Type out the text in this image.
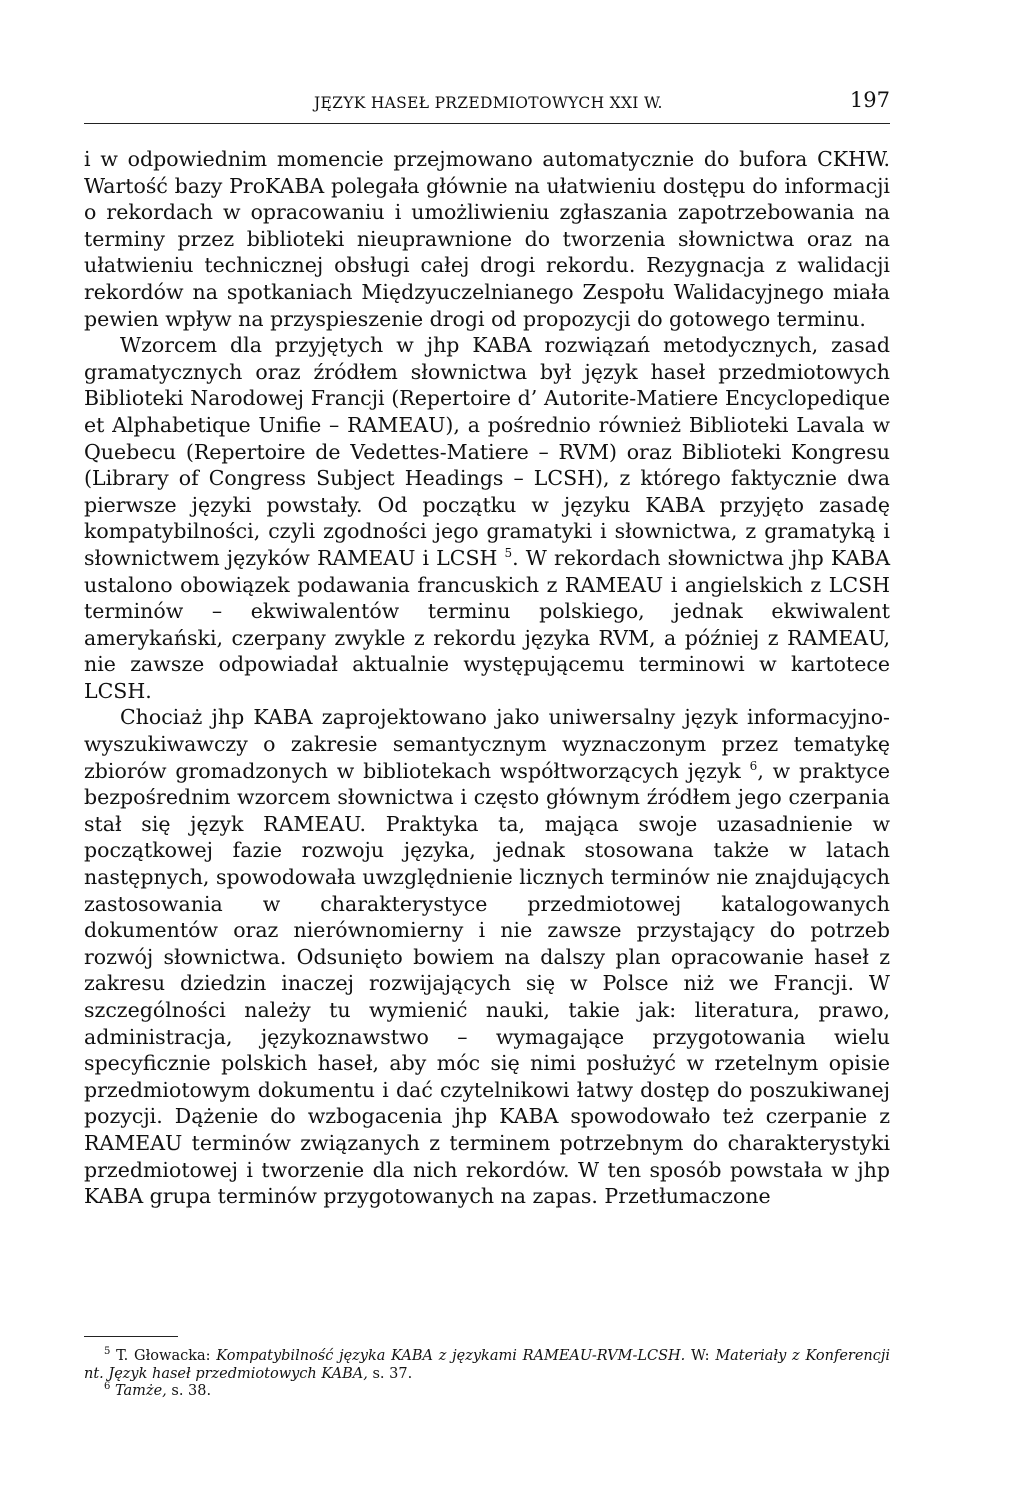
JĘZYK HASEŁ PRZEDMIOTOWYCH XXI W.	197

i w odpowiednim momencie przejmowano automatycznie do bufora CKHW. Wartość bazy ProKABA polegała głównie na ułatwieniu dostępu do informacji o rekordach w opracowaniu i umożliwieniu zgłaszania zapotrzebowania na terminy przez biblioteki nieuprawnione do tworzenia słownictwa oraz na ułatwieniu technicznej obsługi całej drogi rekordu. Rezygnacja z walidacji rekordów na spotkaniach Międzyuczelnianego Zespołu Walidacyjnego miała pewien wpływ na przyspieszenie drogi od propozycji do gotowego terminu.

Wzorcem dla przyjętych w jhp KABA rozwiązań metodycznych, zasad gramatycznych oraz źródłem słownictwa był język haseł przedmiotowych Biblioteki Narodowej Francji (Repertoire d’ Autorite-Matiere Encyclopedique et Alphabetique Unifie – RAMEAU), a pośrednio również Biblioteki Lavala w Quebecu (Repertoire de Vedettes-Matiere – RVM) oraz Biblioteki Kongresu (Library of Congress Subject Headings – LCSH), z którego faktycznie dwa pierwsze języki powstały. Od początku w języku KABA przyjęto zasadę kompatybilności, czyli zgodności jego gramatyki i słownictwa, z gramatyką i słownictwem języków RAMEAU i LCSH $^5$. W rekordach słownictwa jhp KABA ustalono obowiązek podawania francuskich z RAMEAU i angielskich z LCSH terminów – ekwiwalentów terminu polskiego, jednak ekwiwalent amerykański, czerpany zwykle z rekordu języka RVM, a później z RAMEAU, nie zawsze odpowiadał aktualnie występującemu terminowi w kartotece LCSH.

Chociaż jhp KABA zaprojektowano jako uniwersalny język informacyjno-wyszukiwawczy o zakresie semantycznym wyznaczonym przez tematykę zbiorów gromadzonych w bibliotekach współtworzących język $^6$, w praktyce bezpośrednim wzorcem słownictwa i często głównym źródłem jego czerpania stał się język RAMEAU. Praktyka ta, mająca swoje uzasadnienie w początkowej fazie rozwoju języka, jednak stosowana także w latach następnych, spowodowała uwzględnienie licznych terminów nie znajdujących zastosowania w charakterystyce przedmiotowej katalogowanych dokumentów oraz nierównomierny i nie zawsze przystający do potrzeb rozwój słownictwa. Odsunięto bowiem na dalszy plan opracowanie haseł z zakresu dziedzin inaczej rozwijających się w Polsce niż we Francji. W szczególności należy tu wymienić nauki, takie jak: literatura, prawo, administracja, językoznawstwo – wymagające przygotowania wielu specyficznie polskich haseł, aby móc się nimi posłużyć w rzetelnym opisie przedmiotowym dokumentu i dać czytelnikowi łatwy dostęp do poszukiwanej pozycji. Dążenie do wzbogacenia jhp KABA spowodowało też czerpanie z RAMEAU terminów związanych z terminem potrzebnym do charakterystyki przedmiotowej i tworzenie dla nich rekordów. W ten sposób powstała w jhp KABA grupa terminów przygotowanych na zapas. Przetłumaczone

$^5$ T. Głowacka: Kompatybilność języka KABA z językami RAMEAU-RVM-LCSH. W: Materiały z Konferencji nt. Język haseł przedmiotowych KABA, s. 37.

$^6$ Tamże, s. 38.
